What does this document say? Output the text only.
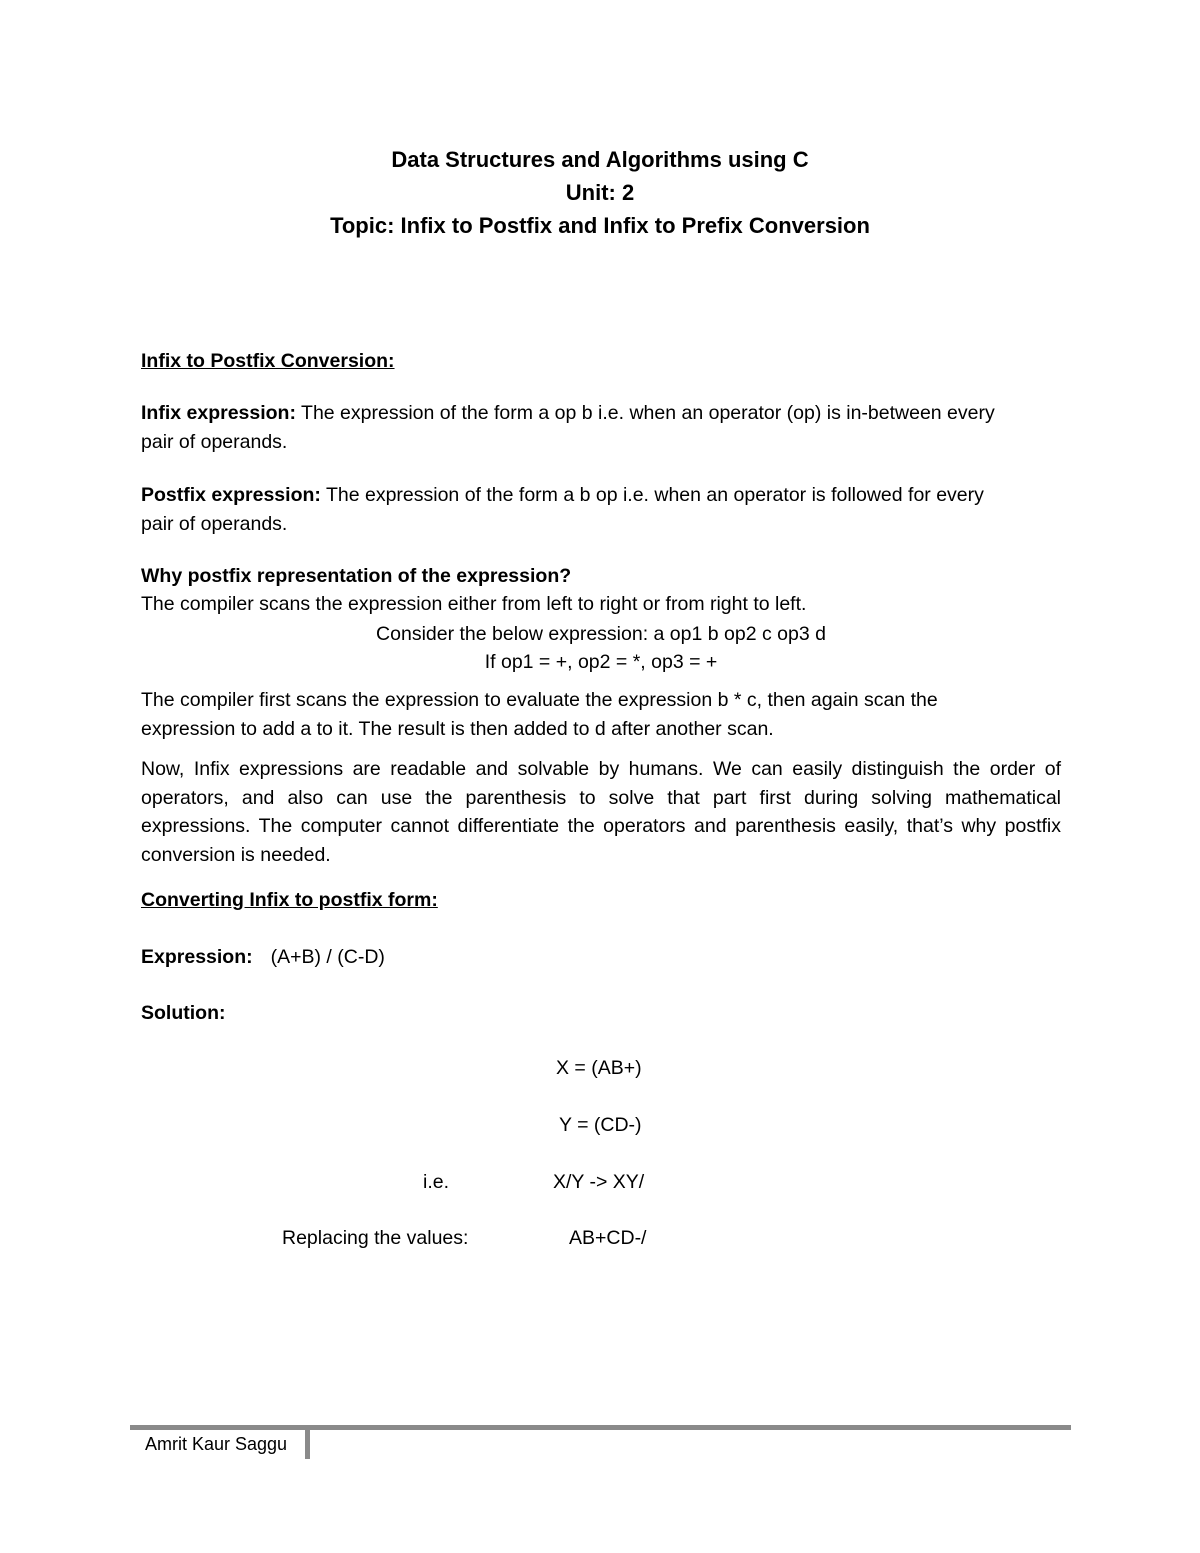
Data Structures and Algorithms using C
Unit: 2
Topic: Infix to Postfix and Infix to Prefix Conversion
Infix to Postfix Conversion:
Infix expression: The expression of the form a op b i.e. when an operator (op) is in-between every pair of operands.
Postfix expression: The expression of the form a b op i.e. when an operator is followed for every pair of operands.
Why postfix representation of the expression?
The compiler scans the expression either from left to right or from right to left.
Consider the below expression: a op1 b op2 c op3 d
If op1 = +, op2 = *, op3 = +
The compiler first scans the expression to evaluate the expression b * c, then again scan the expression to add a to it. The result is then added to d after another scan.
Now, Infix expressions are readable and solvable by humans. We can easily distinguish the order of operators, and also can use the parenthesis to solve that part first during solving mathematical expressions. The computer cannot differentiate the operators and parenthesis easily, that’s why postfix conversion is needed.
Converting Infix to postfix form:
Expression: (A+B) / (C-D)
Solution:
X = (AB+)
Y = (CD-)
i.e.	X/Y -> XY/
Replacing the values:	AB+CD-/
Amrit Kaur Saggu
